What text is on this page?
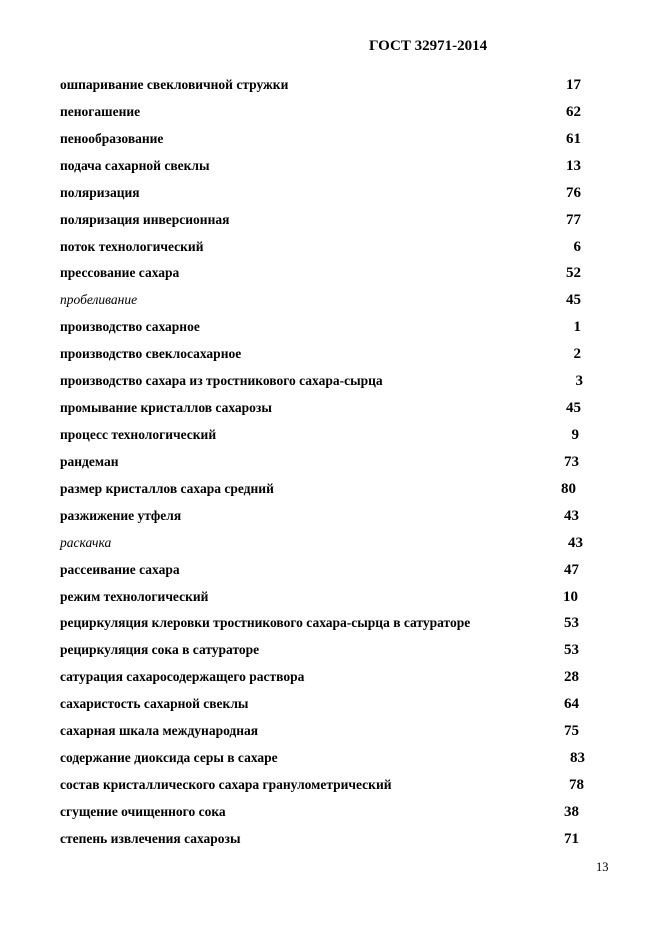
ГОСТ 32971-2014
ошпаривание свекловичной стружки	17
пеногашение	62
пенообразование	61
подача сахарной свеклы	13
поляризация	76
поляризация инверсионная	77
поток технологический	6
прессование сахара	52
пробеливание	45
производство сахарное	1
производство свеклосахарное	2
производство сахара из тростникового сахара-сырца	3
промывание кристаллов сахарозы	45
процесс технологический	9
рандеман	73
размер кристаллов сахара средний	80
разжижение утфеля	43
раскачка	43
рассеивание сахара	47
режим технологический	10
рециркуляция клеровки тростникового сахара-сырца в сатураторе	53
рециркуляция сока в сатураторе	53
сатурация сахаросодержащего раствора	28
сахаристость сахарной свеклы	64
сахарная шкала международная	75
содержание диоксида серы в сахаре	83
состав кристаллического сахара гранулометрический	78
сгущение очищенного сока	38
степень извлечения сахарозы	71
13
